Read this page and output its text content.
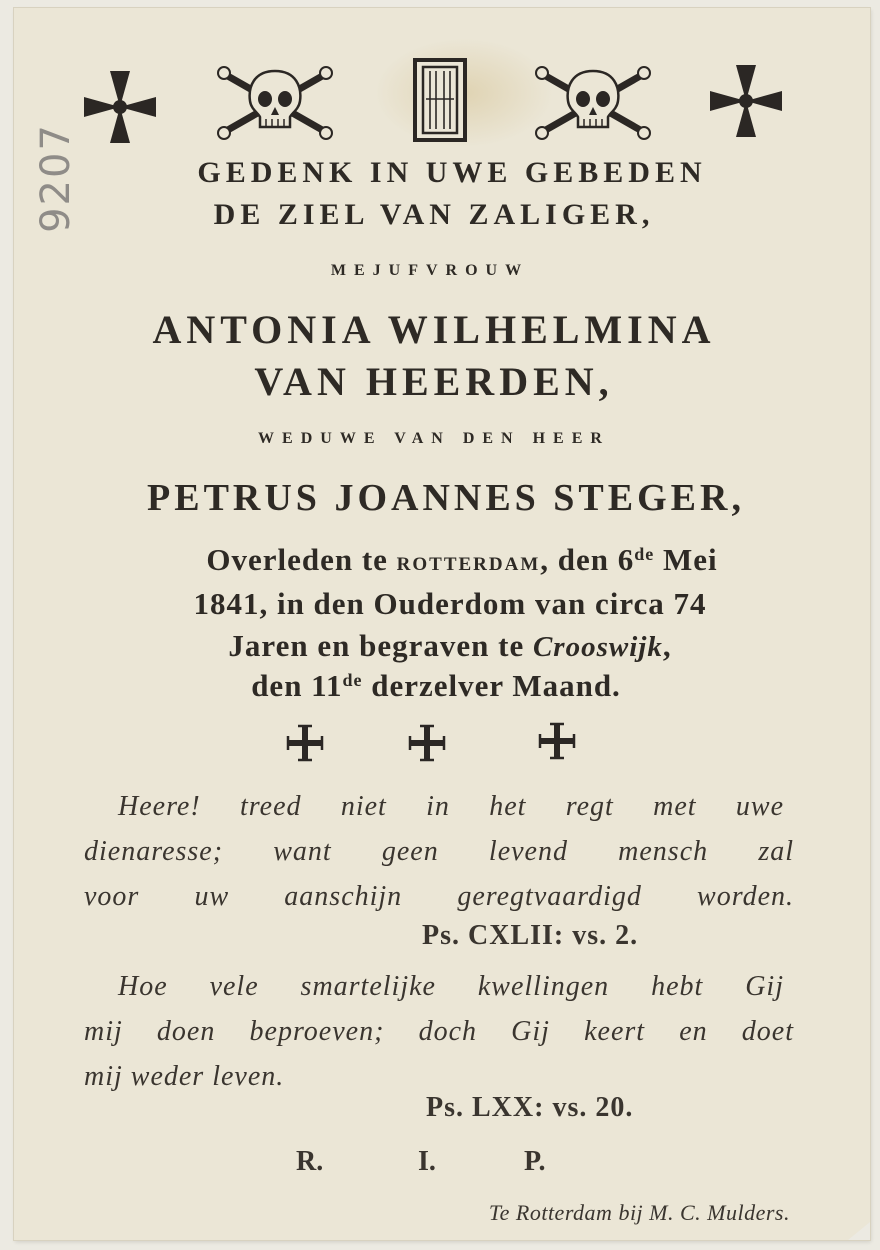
9207	GEDENK IN UWE GEBEDEN
DE ZIEL VAN ZALIGER,
MEJUFVROUW
ANTONIA WILHELMINA
VAN HEERDEN,
WEDUWE VAN DEN HEER
PETRUS JOANNES STEGER,
Overleden te ROTTERDAM, den 6de Mei
1841, in den Ouderdom van circa 74
Jaren en begraven te Crooswijk,
den 11de derzelver Maand.
Heere! treed niet in het regt met uwe
dienaresse; want geen levend mensch zal
voor uw aanschijn geregtvaardigd worden.
Ps. CXLII: vs. 2.
Hoe vele smartelijke kwellingen hebt Gij
mij doen beproeven; doch Gij keert en doet
mij weder leven.
Ps. LXX: vs. 20.
R.	I.	P.
Te Rotterdam bij M. C. Mulders.
